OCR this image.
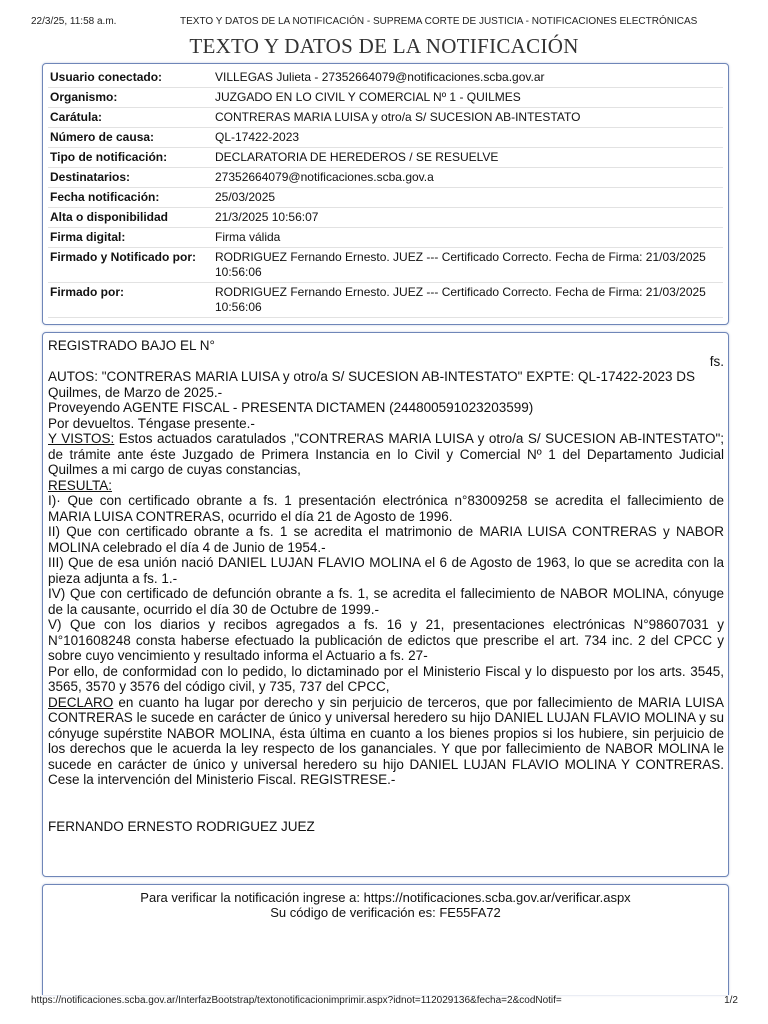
22/3/25, 11:58 a.m.	TEXTO Y DATOS DE LA NOTIFICACIÓN - SUPREMA CORTE DE JUSTICIA - NOTIFICACIONES ELECTRÓNICAS
TEXTO Y DATOS DE LA NOTIFICACIÓN
Usuario conectado:	VILLEGAS Julieta - 27352664079@notificaciones.scba.gov.ar
Organismo:	JUZGADO EN LO CIVIL Y COMERCIAL Nº 1 - QUILMES
Carátula:	CONTRERAS MARIA LUISA y otro/a S/ SUCESION AB-INTESTATO
Número de causa:	QL-17422-2023
Tipo de notificación:	DECLARATORIA DE HEREDEROS / SE RESUELVE
Destinatarios:	27352664079@notificaciones.scba.gov.a
Fecha notificación:	25/03/2025
Alta o disponibilidad	21/3/2025 10:56:07
Firma digital:	Firma válida
Firmado y Notificado por:	RODRIGUEZ Fernando Ernesto. JUEZ --- Certificado Correcto. Fecha de Firma: 21/03/2025 10:56:06
Firmado por:	RODRIGUEZ Fernando Ernesto. JUEZ --- Certificado Correcto. Fecha de Firma: 21/03/2025 10:56:06

REGISTRADO BAJO EL N°

fs.

AUTOS: "CONTRERAS MARIA LUISA y otro/a S/ SUCESION AB-INTESTATO" EXPTE: QL-17422-2023 DS

Quilmes, de Marzo de 2025.-

Proveyendo AGENTE FISCAL - PRESENTA DICTAMEN (244800591023203599)

Por devueltos. Téngase presente.-

Y VISTOS: Estos actuados caratulados ,"CONTRERAS MARIA LUISA y otro/a S/ SUCESION AB-INTESTATO"; de trámite ante éste Juzgado de Primera Instancia en lo Civil y Comercial Nº 1 del Departamento Judicial Quilmes a mi cargo de cuyas constancias,

RESULTA:

I)· Que con certificado obrante a fs. 1 presentación electrónica n°83009258 se acredita el fallecimiento de MARIA LUISA CONTRERAS, ocurrido el día 21 de Agosto de 1996.

II) Que con certificado obrante a fs. 1 se acredita el matrimonio de MARIA LUISA CONTRERAS y NABOR MOLINA celebrado el día 4 de Junio de 1954.-

III) Que de esa unión nació DANIEL LUJAN FLAVIO MOLINA el 6 de Agosto de 1963, lo que se acredita con la pieza adjunta a fs. 1.-

IV) Que con certificado de defunción obrante a fs. 1, se acredita el fallecimiento de NABOR MOLINA, cónyuge de la causante, ocurrido el día 30 de Octubre de 1999.-

V) Que con los diarios y recibos agregados a fs. 16 y 21, presentaciones electrónicas N°98607031 y N°101608248 consta haberse efectuado la publicación de edictos que prescribe el art. 734 inc. 2 del CPCC y sobre cuyo vencimiento y resultado informa el Actuario a fs. 27-

Por ello, de conformidad con lo pedido, lo dictaminado por el Ministerio Fiscal y lo dispuesto por los arts. 3545, 3565, 3570 y 3576 del código civil, y 735, 737 del CPCC,

DECLARO en cuanto ha lugar por derecho y sin perjuicio de terceros, que por fallecimiento de MARIA LUISA CONTRERAS le sucede en carácter de único y universal heredero su hijo DANIEL LUJAN FLAVIO MOLINA y su cónyuge supérstite NABOR MOLINA, ésta última en cuanto a los bienes propios si los hubiere, sin perjuicio de los derechos que le acuerda la ley respecto de los gananciales. Y que por fallecimiento de NABOR MOLINA le sucede en carácter de único y universal heredero su hijo DANIEL LUJAN FLAVIO MOLINA Y CONTRERAS. Cese la intervención del Ministerio Fiscal. REGISTRESE.-

FERNANDO ERNESTO RODRIGUEZ JUEZ

Para verificar la notificación ingrese a: https://notificaciones.scba.gov.ar/verificar.aspx
Su código de verificación es: FE55FA72
https://notificaciones.scba.gov.ar/InterfazBootstrap/textonotificacionimprimir.aspx?idnot=112029136&fecha=2&codNotif=	1/2
